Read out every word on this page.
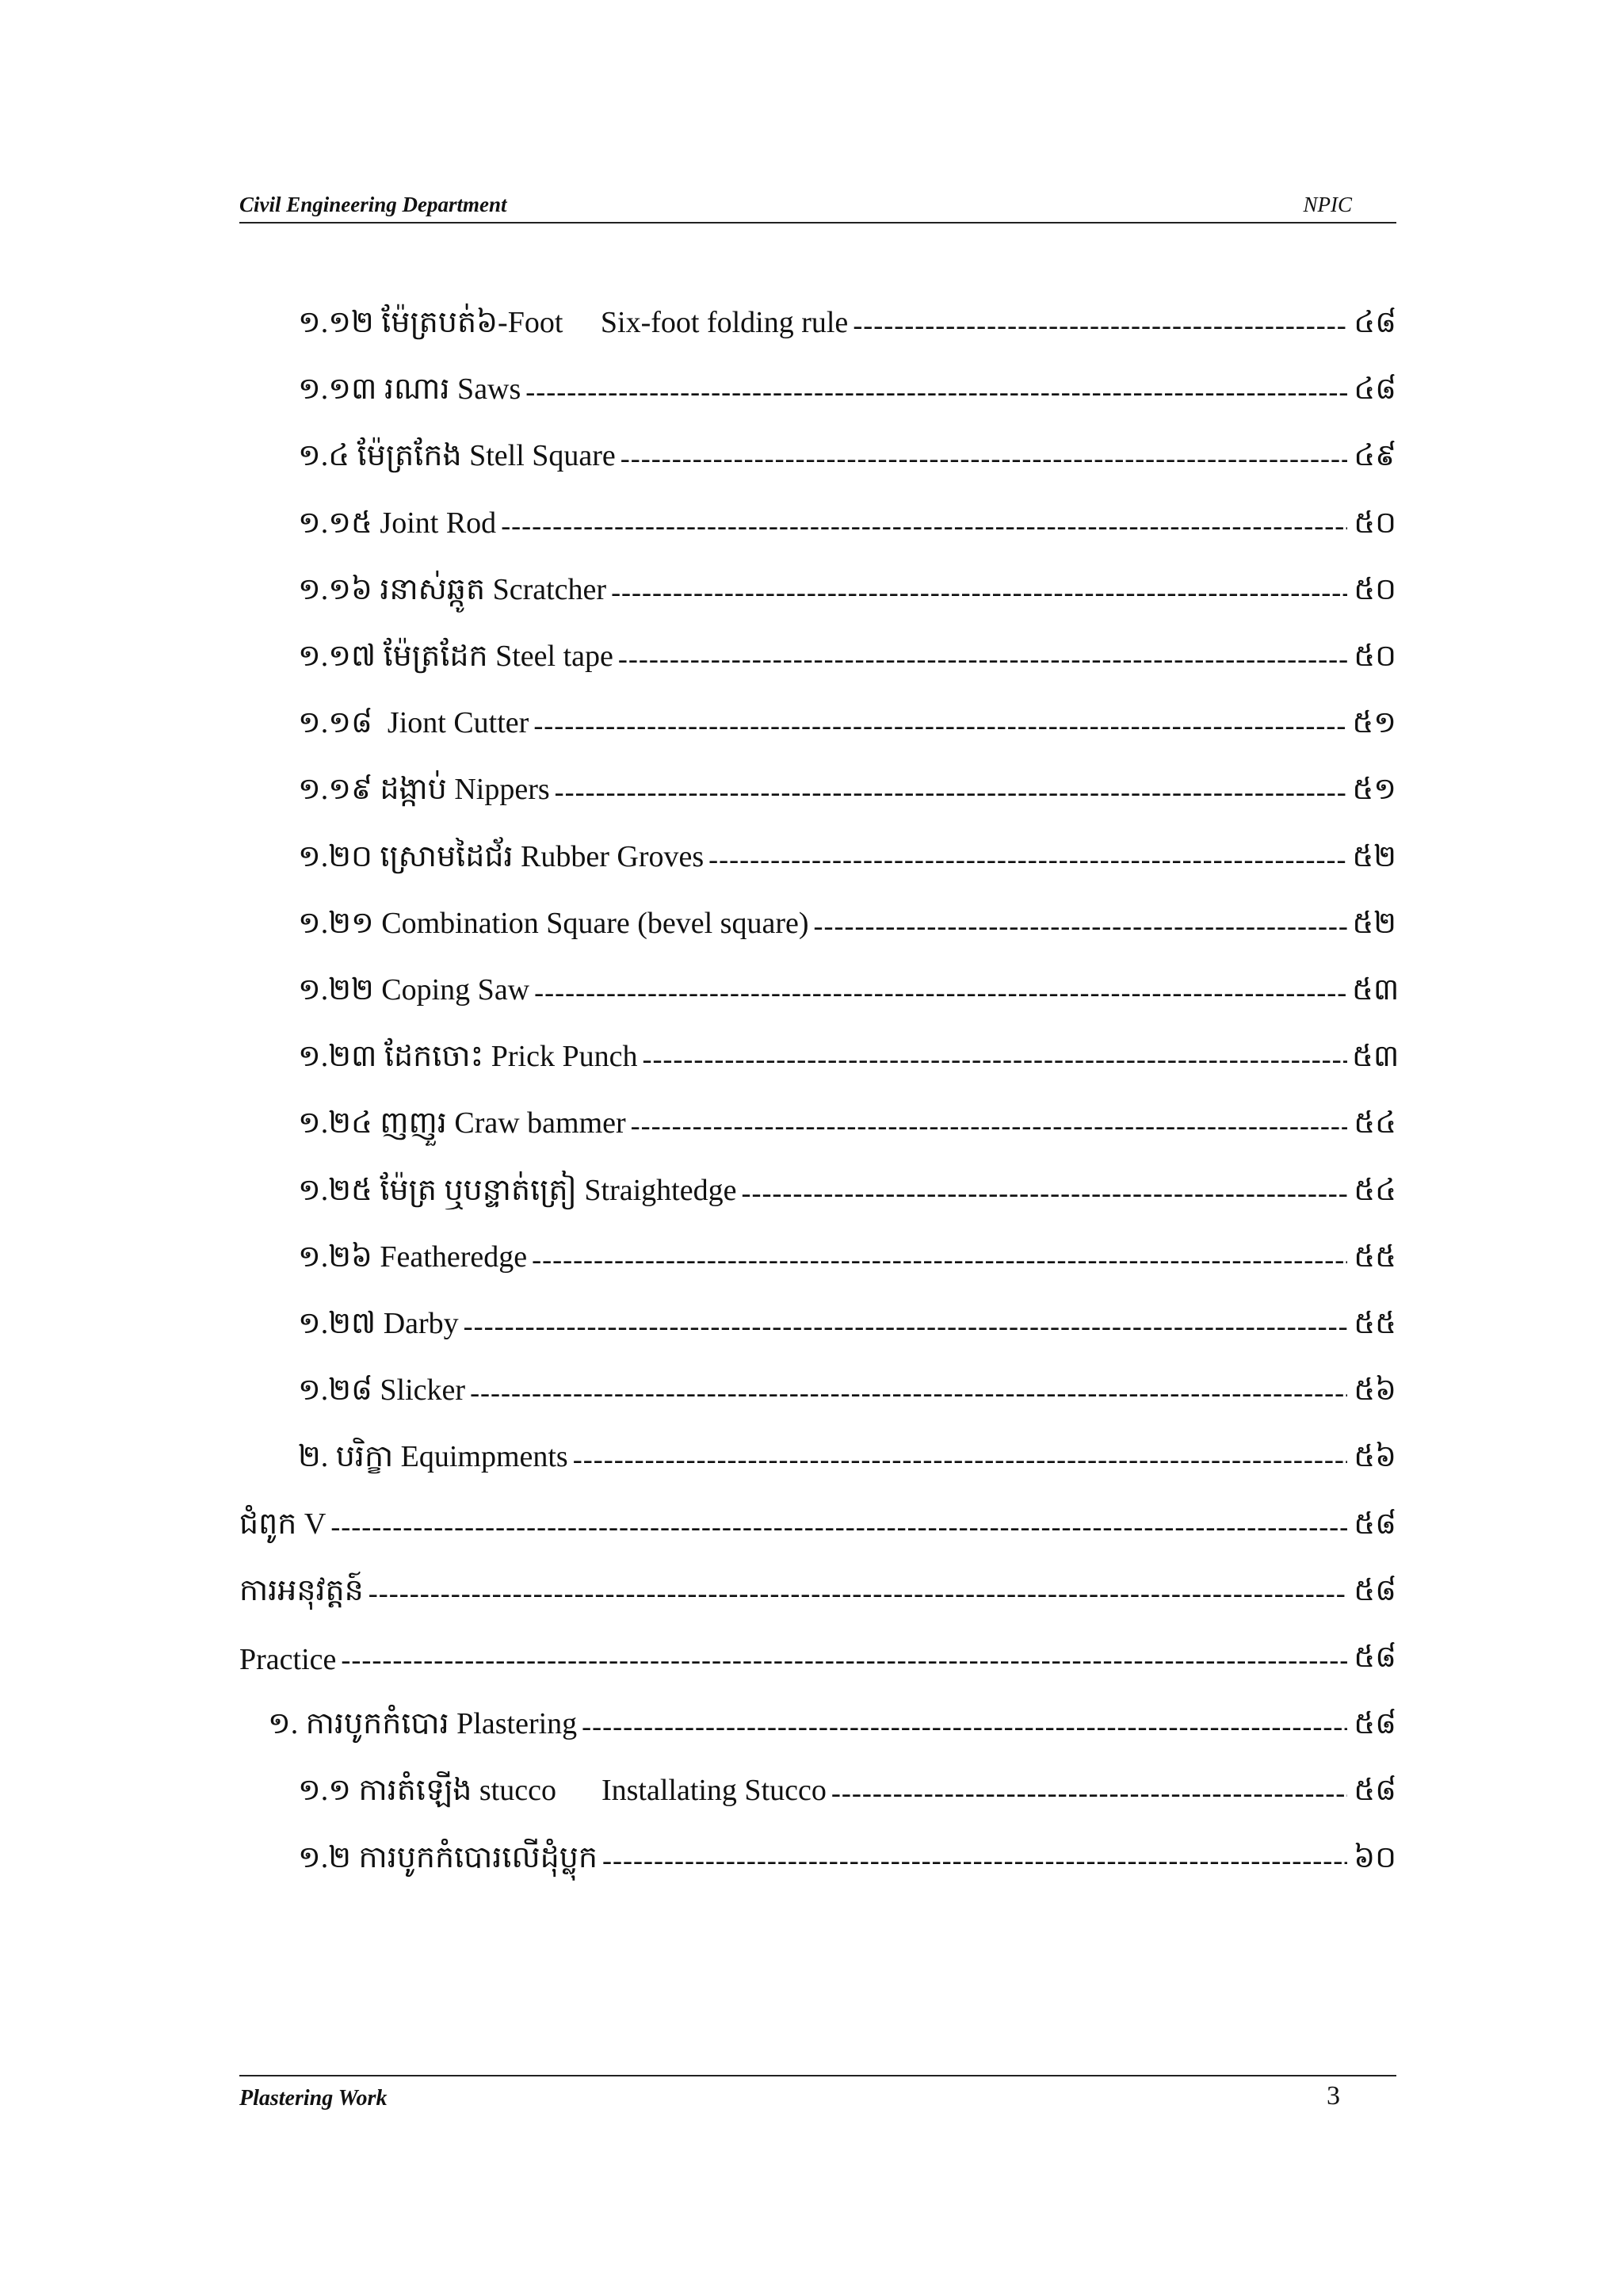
Civil Engineering Department	NPIC
១.១២ ម៉ែត្របត់៦-Foot     Six-foot folding rule -----	៤៨
១.១៣ រណារ Saws -----	៤៨
១.៤ ម៉ែត្រកែង Stell Square -----	៤៩
១.១៥ Joint Rod -----	៥០
១.១៦ រនាស់ឆ្កូត Scratcher -----	៥០
១.១៧ ម៉ែត្រដែក Steel tape -----	៥០
១.១៨  Jiont Cutter -----	៥១
១.១៩ ដង្កាប់ Nippers -----	៥១
១.២០ ស្រោមដៃជ័រ Rubber Groves -----	៥២
១.២១ Combination Square (bevel square) -----	៥២
១.២២ Coping Saw -----	៥៣
១.២៣ ដែកចោះ Prick Punch -----	៥៣
១.២៤ ញញួរ Craw bammer -----	៥៤
១.២៥ ម៉ែត្រ ឬបន្ទាត់ត្រៀ Straightedge -----	៥៤
១.២៦ Featheredge -----	៥៥
១.២៧ Darby -----	៥៥
១.២៨ Slicker -----	៥៦
២. បរិក្ខា Equimpments -----	៥៦
ជំពូក V -----	៥៨
ការអនុវត្តន៍ -----	៥៨
Practice -----	៥៨
១. ការបូកកំបោរ Plastering -----	៥៨
១.១ ការតំឡើង stucco      Installating Stucco -----	៥៨
១.២ ការបូកកំបោរលើដុំប្លុក -----	៦០
Plastering Work	3
